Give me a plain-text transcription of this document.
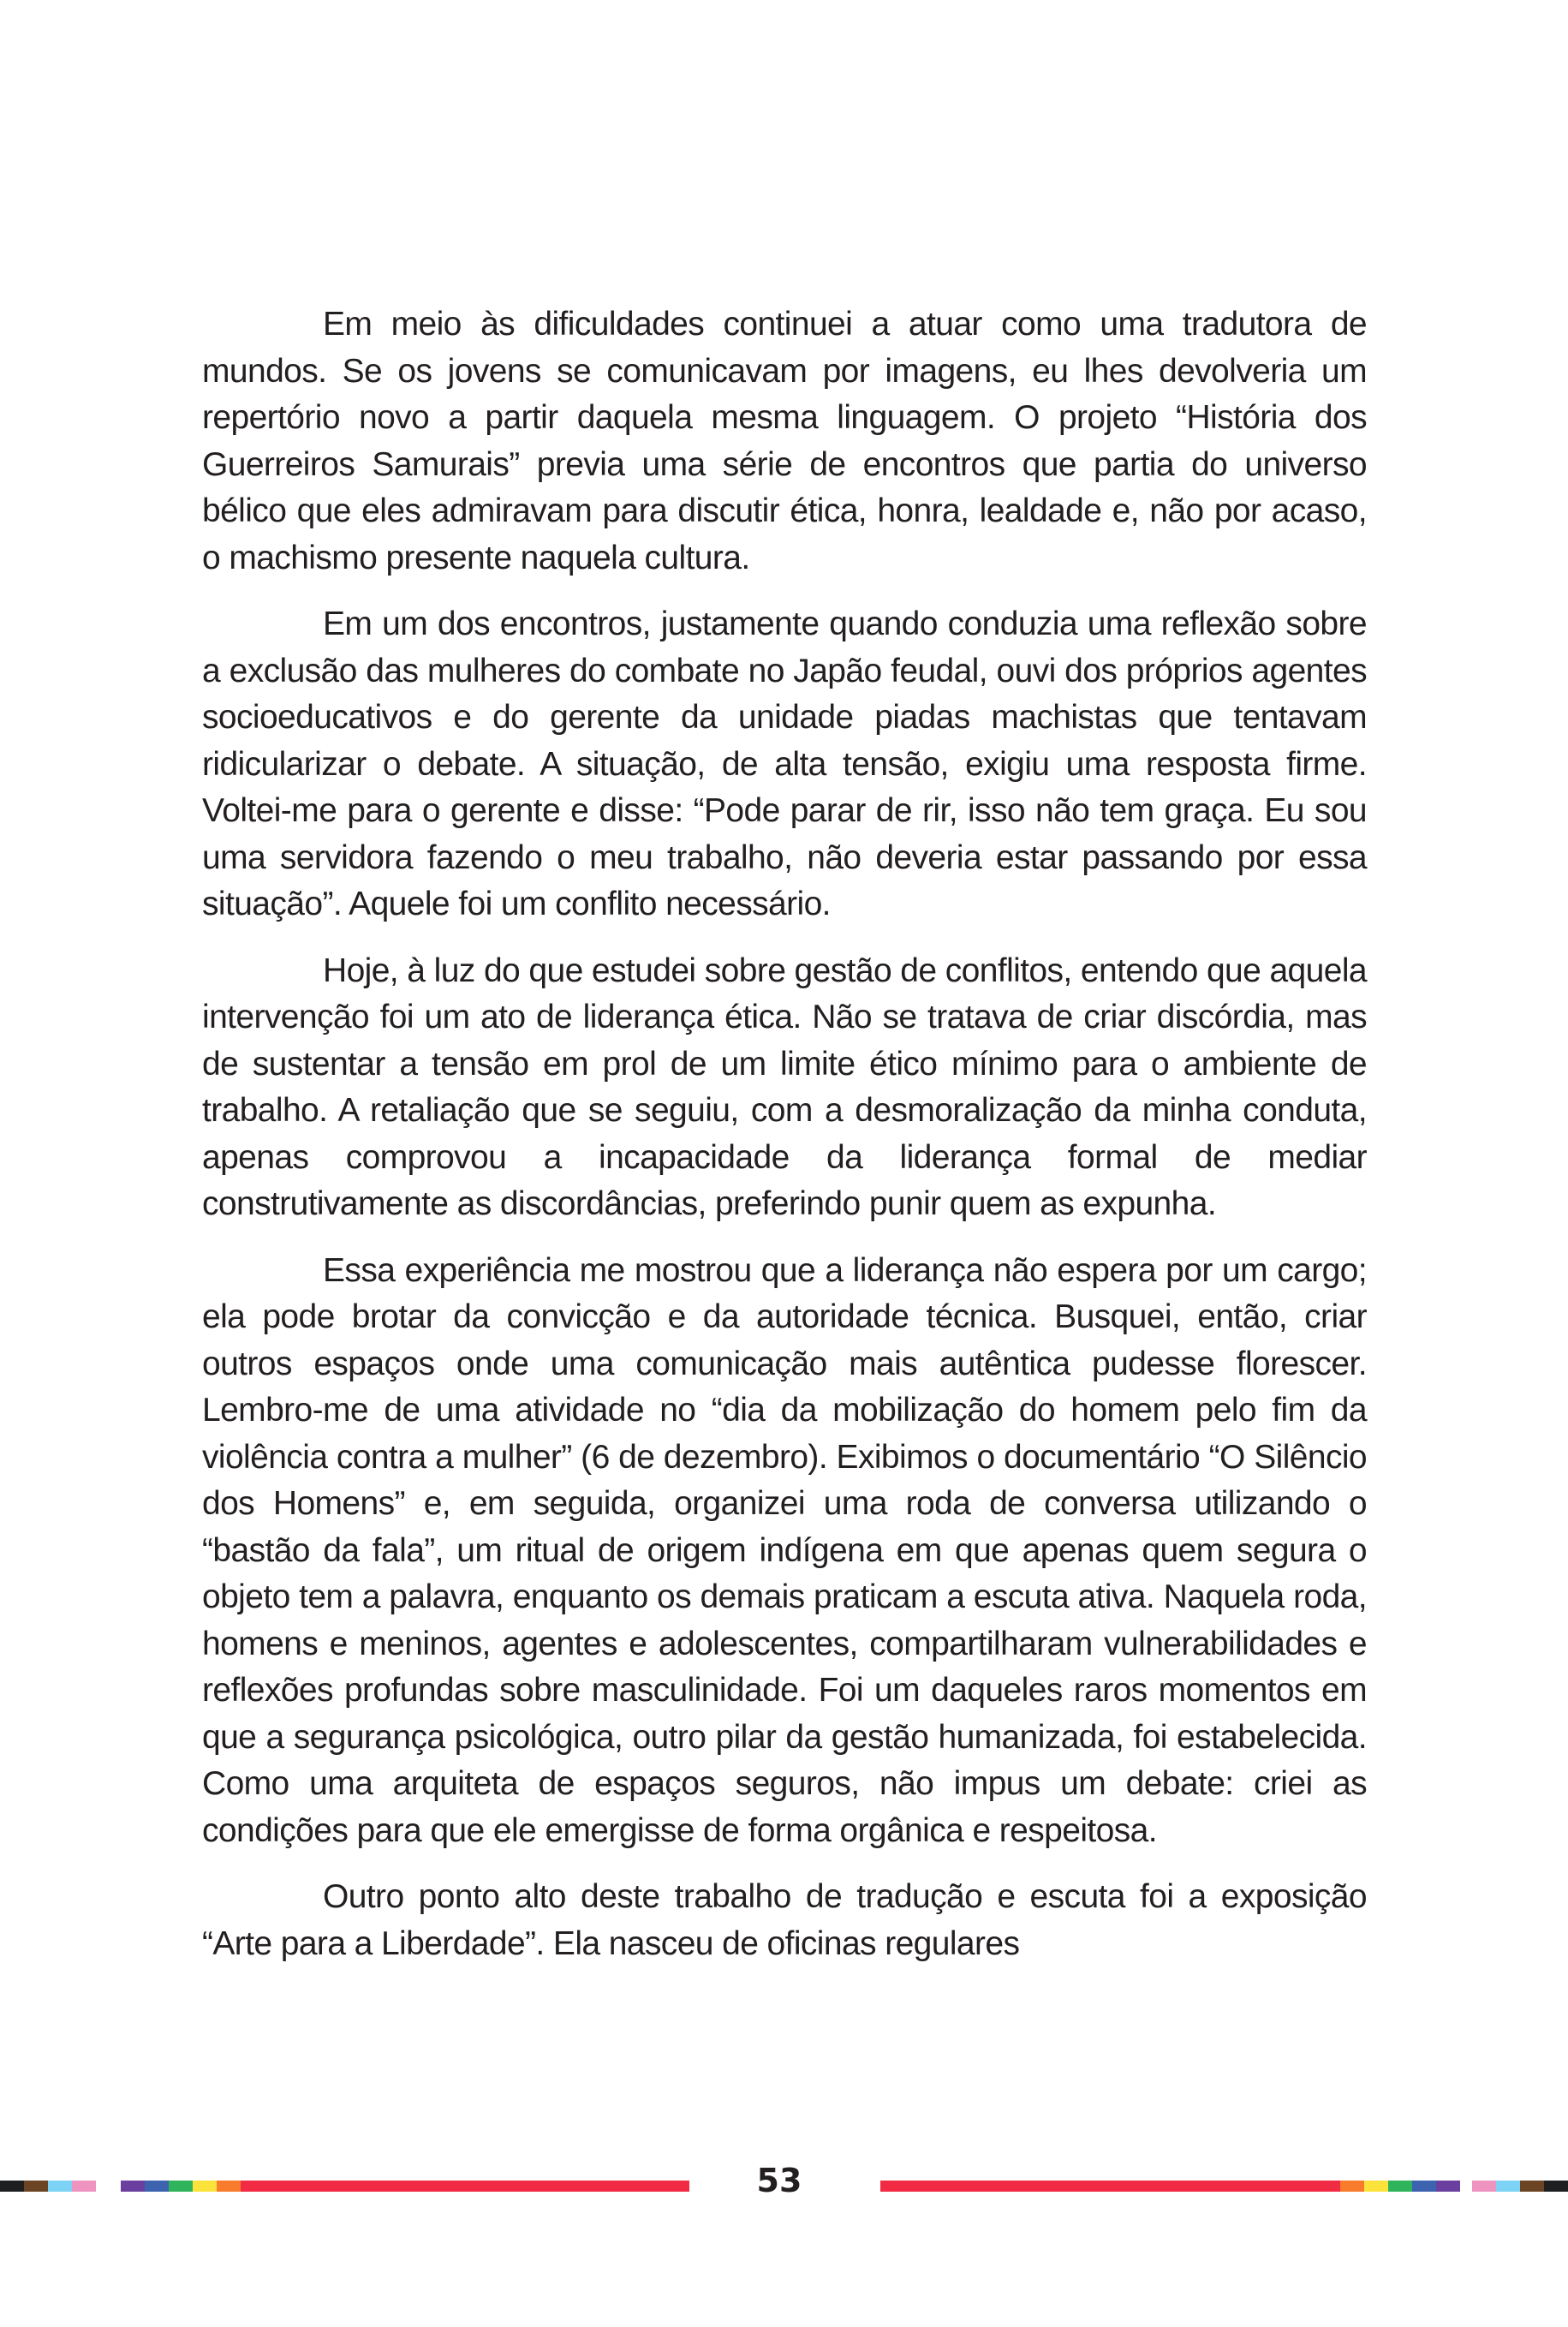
Em meio às dificuldades continuei a atuar como uma tradutora de mundos. Se os jovens se comunicavam por imagens, eu lhes devolveria um repertório novo a partir daquela mesma linguagem. O projeto “História dos Guerreiros Samurais” previa uma série de encontros que partia do universo bélico que eles admiravam para discutir ética, honra, lealdade e, não por acaso, o machismo presente naquela cultura.

Em um dos encontros, justamente quando conduzia uma reflexão sobre a exclusão das mulheres do combate no Japão feudal, ouvi dos próprios agentes socioeducativos e do gerente da unidade piadas machistas que tentavam ridicularizar o debate. A situação, de alta tensão, exigiu uma resposta firme. Voltei-me para o gerente e disse: “Pode parar de rir, isso não tem graça. Eu sou uma servidora fazendo o meu trabalho, não deveria estar passando por essa situação”. Aquele foi um conflito necessário.

Hoje, à luz do que estudei sobre gestão de conflitos, entendo que aquela intervenção foi um ato de liderança ética. Não se tratava de criar discórdia, mas de sustentar a tensão em prol de um limite ético mínimo para o ambiente de trabalho. A retaliação que se seguiu, com a desmoralização da minha conduta, apenas comprovou a incapacidade da liderança formal de mediar construtivamente as discordâncias, preferindo punir quem as expunha.

Essa experiência me mostrou que a liderança não espera por um cargo; ela pode brotar da convicção e da autoridade técnica. Busquei, então, criar outros espaços onde uma comunicação mais autêntica pudesse florescer. Lembro-me de uma atividade no “dia da mobilização do homem pelo fim da violência contra a mulher” (6 de dezembro). Exibimos o documentário “O Silêncio dos Homens” e, em seguida, organizei uma roda de conversa utilizando o “bastão da fala”, um ritual de origem indígena em que apenas quem segura o objeto tem a palavra, enquanto os demais praticam a escuta ativa. Naquela roda, homens e meninos, agentes e adolescentes, compartilharam vulnerabilidades e reflexões profundas sobre masculinidade. Foi um daqueles raros momentos em que a segurança psicológica, outro pilar da gestão humanizada, foi estabelecida. Como uma arquiteta de espaços seguros, não impus um debate: criei as condições para que ele emergisse de forma orgânica e respeitosa.

Outro ponto alto deste trabalho de tradução e escuta foi a exposição “Arte para a Liberdade”. Ela nasceu de oficinas regulares

53
